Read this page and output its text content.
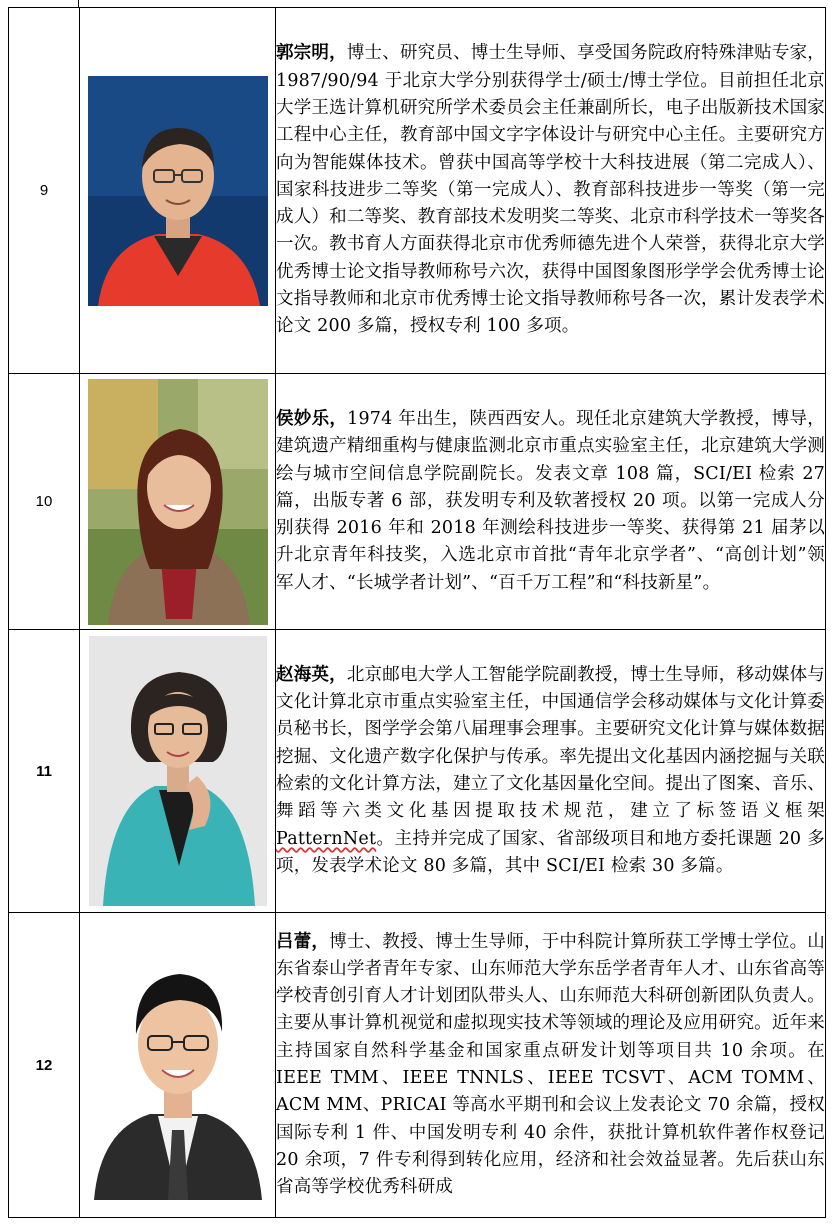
9		郭宗明，博士、研究员、博士生导师、享受国务院政府特殊津贴专家，1987/90/94 于北京大学分别获得学士/硕士/博士学位。目前担任北京大学王选计算机研究所学术委员会主任兼副所长，电子出版新技术国家工程中心主任，教育部中国文字字体设计与研究中心主任。主要研究方向为智能媒体技术。曾获中国高等学校十大科技进展（第二完成人）、国家科技进步二等奖（第一完成人）、教育部科技进步一等奖（第一完成人）和二等奖、教育部技术发明奖二等奖、北京市科学技术一等奖各一次。教书育人方面获得北京市优秀师德先进个人荣誉，获得北京大学优秀博士论文指导教师称号六次，获得中国图象图形学学会优秀博士论文指导教师和北京市优秀博士论文指导教师称号各一次，累计发表学术论文 200 多篇，授权专利 100 多项。
10		侯妙乐，1974 年出生，陕西西安人。现任北京建筑大学教授，博导，建筑遗产精细重构与健康监测北京市重点实验室主任，北京建筑大学测绘与城市空间信息学院副院长。发表文章 108 篇，SCI/EI 检索 27 篇，出版专著 6 部，获发明专利及软著授权 20 项。以第一完成人分别获得 2016 年和 2018 年测绘科技进步一等奖、获得第 21 届茅以升北京青年科技奖，入选北京市首批“青年北京学者”、“高创计划”领军人才、“长城学者计划”、“百千万工程”和“科技新星”。
11		赵海英，北京邮电大学人工智能学院副教授，博士生导师，移动媒体与文化计算北京市重点实验室主任，中国通信学会移动媒体与文化计算委员秘书长，图学学会第八届理事会理事。主要研究文化计算与媒体数据挖掘、文化遗产数字化保护与传承。率先提出文化基因内涵挖掘与关联检索的文化计算方法，建立了文化基因量化空间。提出了图案、音乐、舞蹈等六类文化基因提取技术规范，建立了标签语义框架 PatternNet。主持并完成了国家、省部级项目和地方委托课题 20 多项，发表学术论文 80 多篇，其中 SCI/EI 检索 30 多篇。
12		吕蕾，博士、教授、博士生导师，于中科院计算所获工学博士学位。山东省泰山学者青年专家、山东师范大学东岳学者青年人才、山东省高等学校青创引育人才计划团队带头人、山东师范大科研创新团队负责人。主要从事计算机视觉和虚拟现实技术等领域的理论及应用研究。近年来主持国家自然科学基金和国家重点研发计划等项目共 10 余项。在 IEEE TMM、IEEE TNNLS、IEEE TCSVT、ACM TOMM、ACM MM、PRICAI 等高水平期刊和会议上发表论文 70 余篇，授权国际专利 1 件、中国发明专利 40 余件，获批计算机软件著作权登记 20 余项，7 件专利得到转化应用，经济和社会效益显著。先后获山东省高等学校优秀科研成
